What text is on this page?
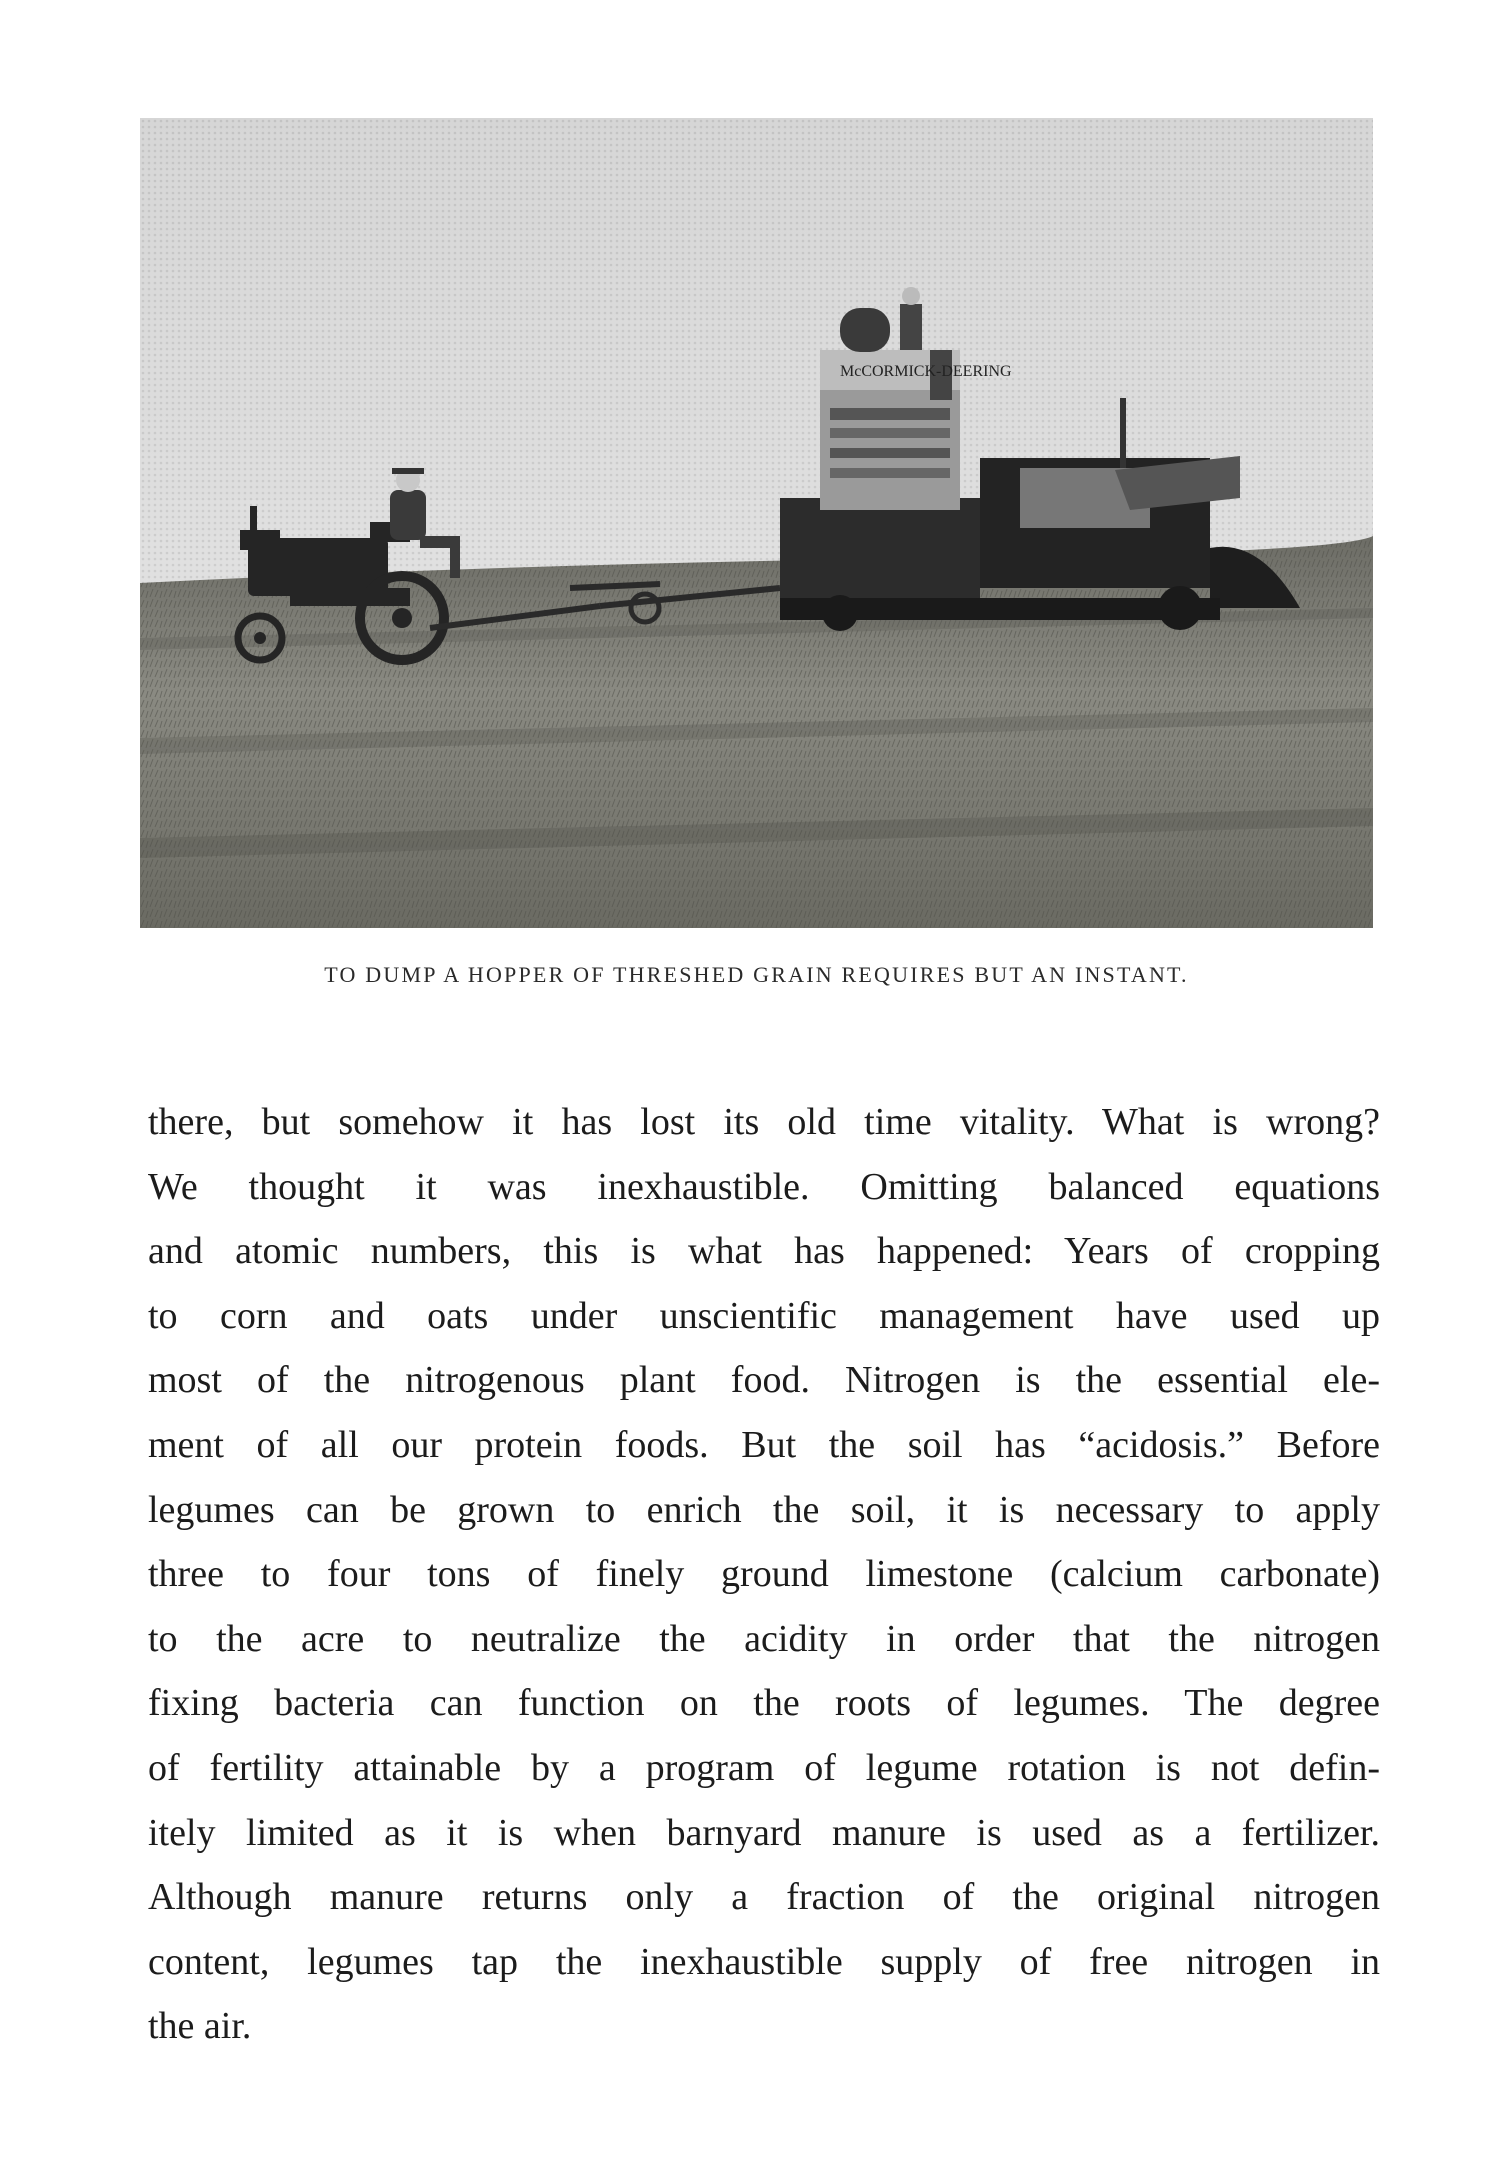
McCORMICK-DEERING
TO DUMP A HOPPER OF THRESHED GRAIN REQUIRES BUT AN INSTANT.
there, but somehow it has lost its old time vitality. What is wrong?
We thought it was inexhaustible. Omitting balanced equations
and atomic numbers, this is what has happened: Years of cropping
to corn and oats under unscientific management have used up
most of the nitrogenous plant food. Nitrogen is the essential ele-
ment of all our protein foods. But the soil has “acidosis.” Before
legumes can be grown to enrich the soil, it is necessary to apply
three to four tons of finely ground limestone (calcium carbonate)
to the acre to neutralize the acidity in order that the nitrogen
fixing bacteria can function on the roots of legumes. The degree
of fertility attainable by a program of legume rotation is not defin-
itely limited as it is when barnyard manure is used as a fertilizer.
Although manure returns only a fraction of the original nitrogen
content, legumes tap the inexhaustible supply of free nitrogen in
the air.
